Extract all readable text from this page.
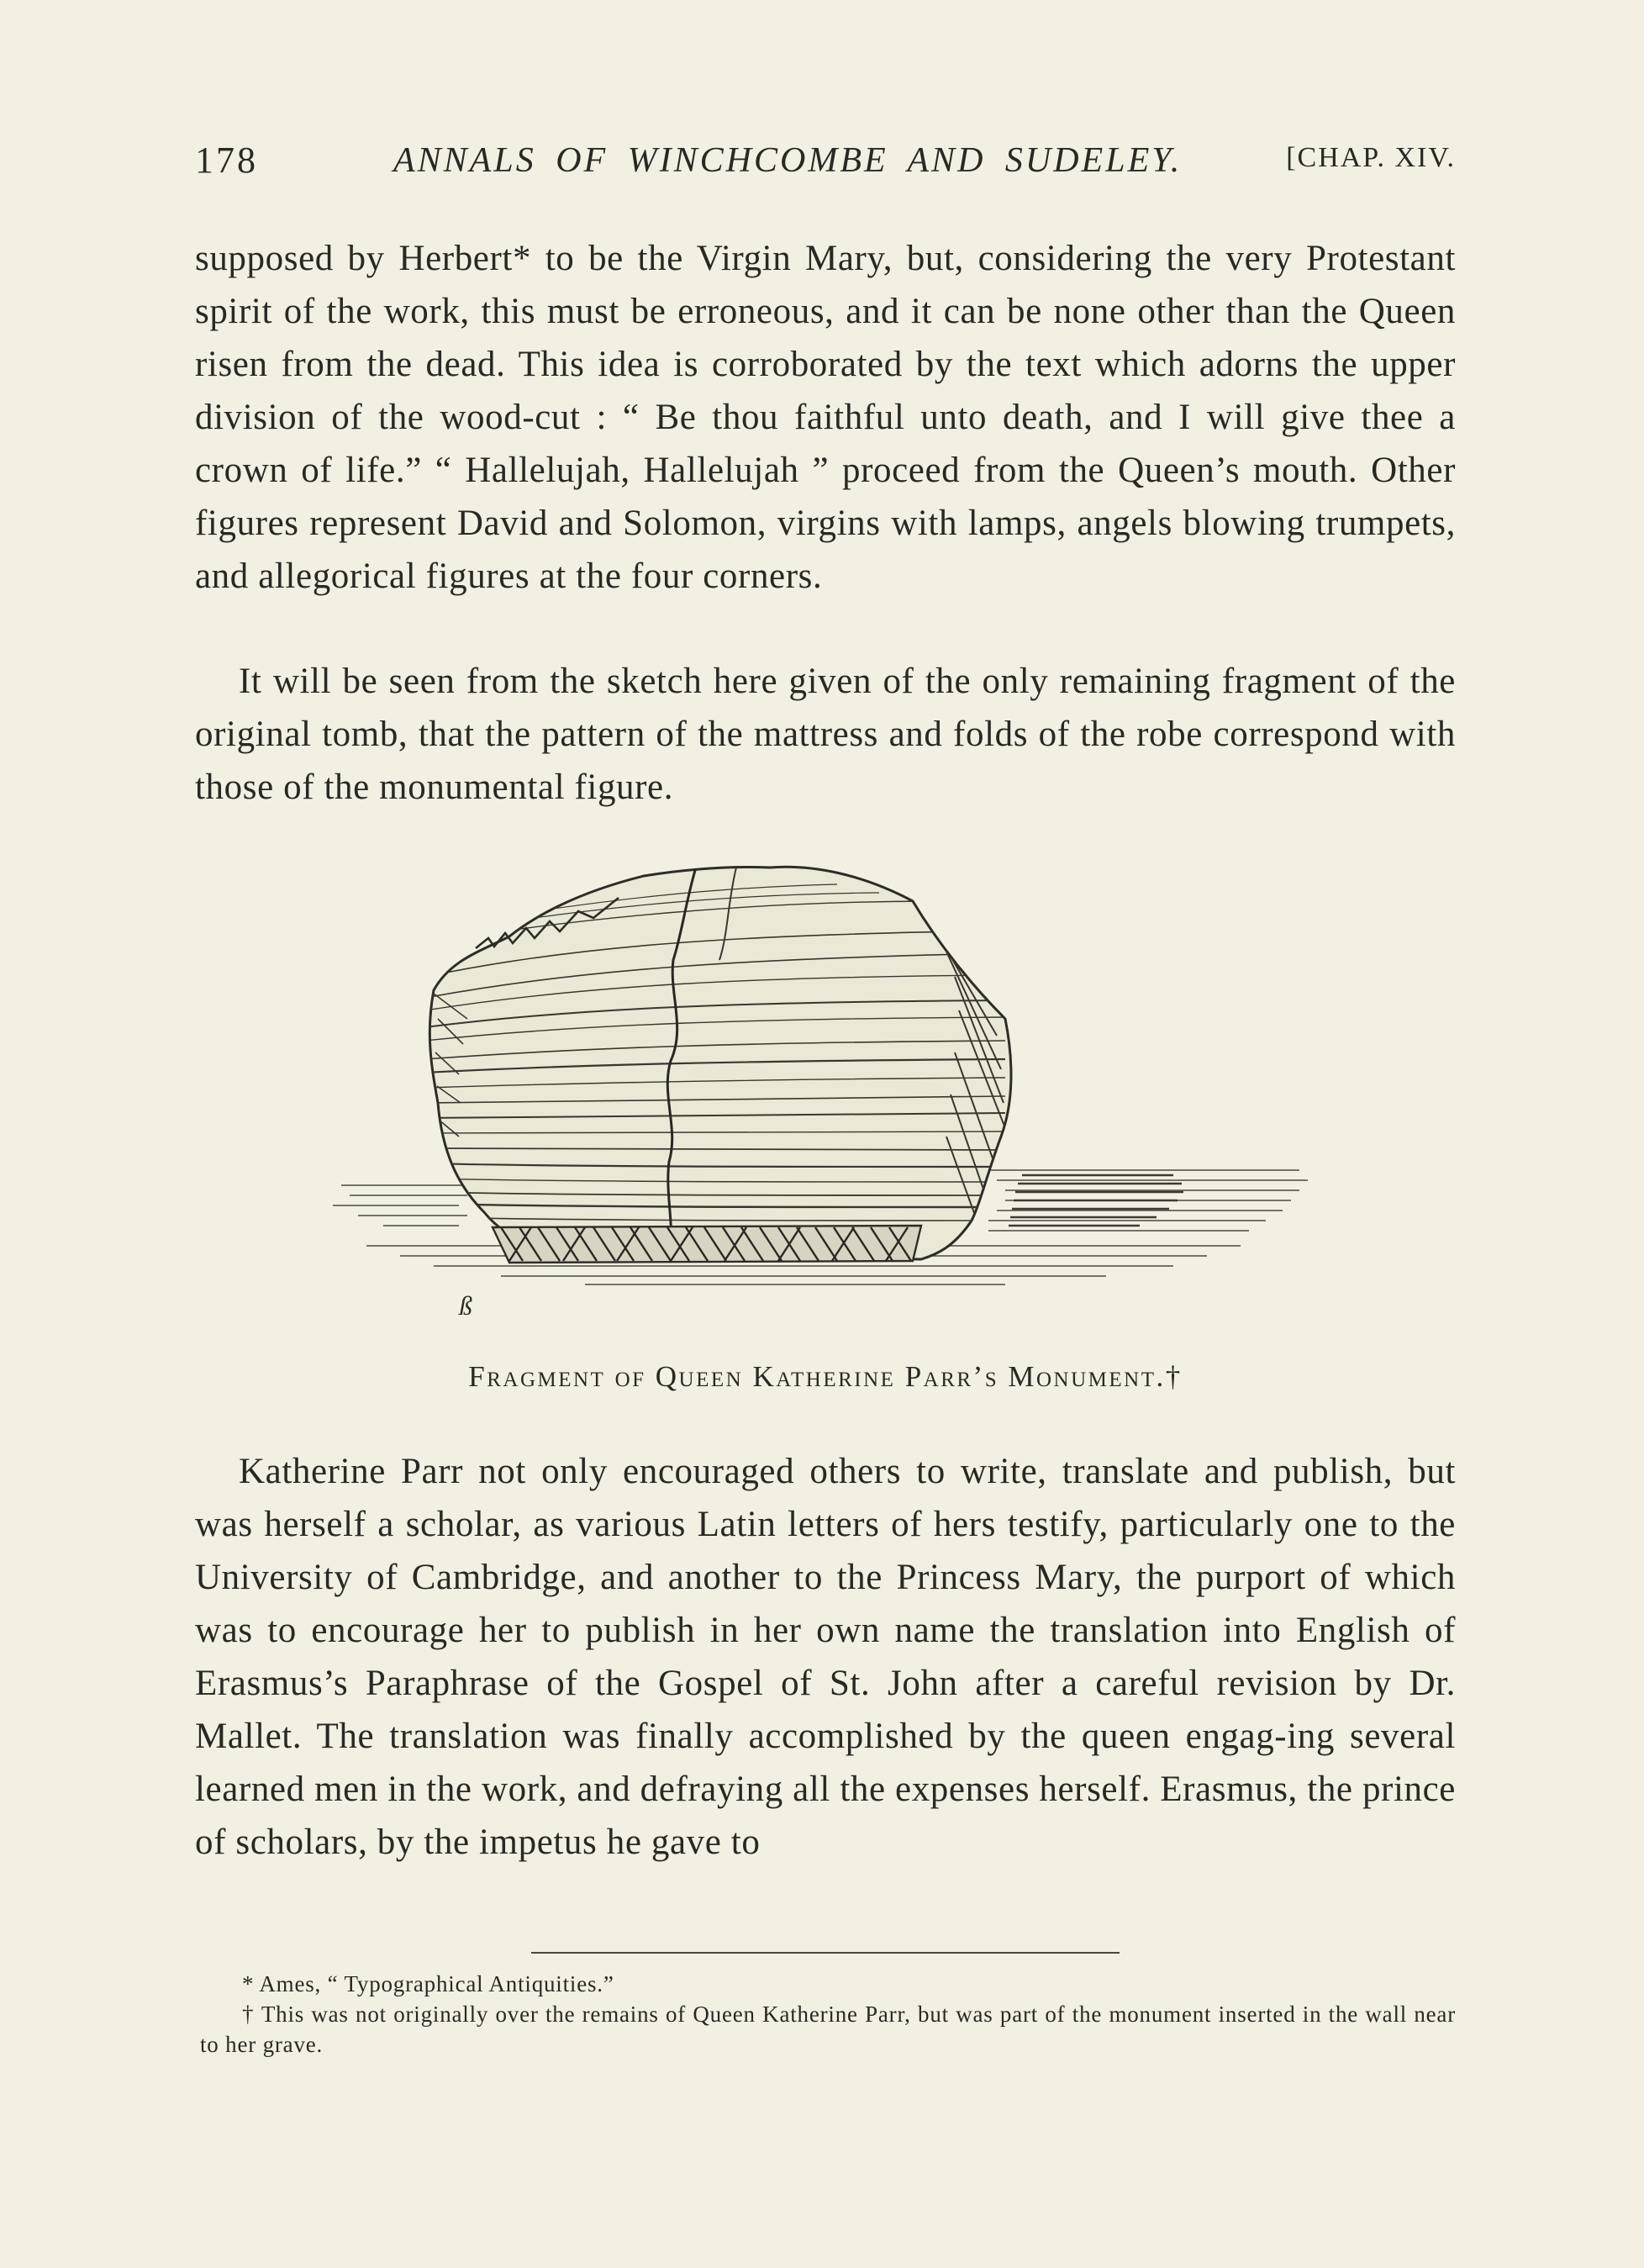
178	ANNALS OF WINCHCOMBE AND SUDELEY.	[CHAP. XIV.

supposed by Herbert* to be the Virgin Mary, but, considering the very Protestant spirit of the work, this must be erroneous, and it can be none other than the Queen risen from the dead. This idea is corroborated by the text which adorns the upper division of the wood-cut : “ Be thou faithful unto death, and I will give thee a crown of life.” “ Hallelujah, Hallelujah ” proceed from the Queen’s mouth. Other figures represent David and Solomon, virgins with lamps, angels blowing trumpets, and allegorical figures at the four corners.

It will be seen from the sketch here given of the only remaining fragment of the original tomb, that the pattern of the mattress and folds of the robe correspond with those of the monumental figure.

ß
Fragment of Queen Katherine Parr’s Monument.†

Katherine Parr not only encouraged others to write, translate and publish, but was herself a scholar, as various Latin letters of hers testify, particularly one to the University of Cambridge, and another to the Princess Mary, the purport of which was to encourage her to publish in her own name the translation into English of Erasmus’s Paraphrase of the Gospel of St. John after a careful revision by Dr. Mallet. The translation was finally accomplished by the queen engag-ing several learned men in the work, and defraying all the expenses herself. Erasmus, the prince of scholars, by the impetus he gave to

* Ames, “ Typographical Antiquities.”

† This was not originally over the remains of Queen Katherine Parr, but was part of the monument inserted in the wall near to her grave.
